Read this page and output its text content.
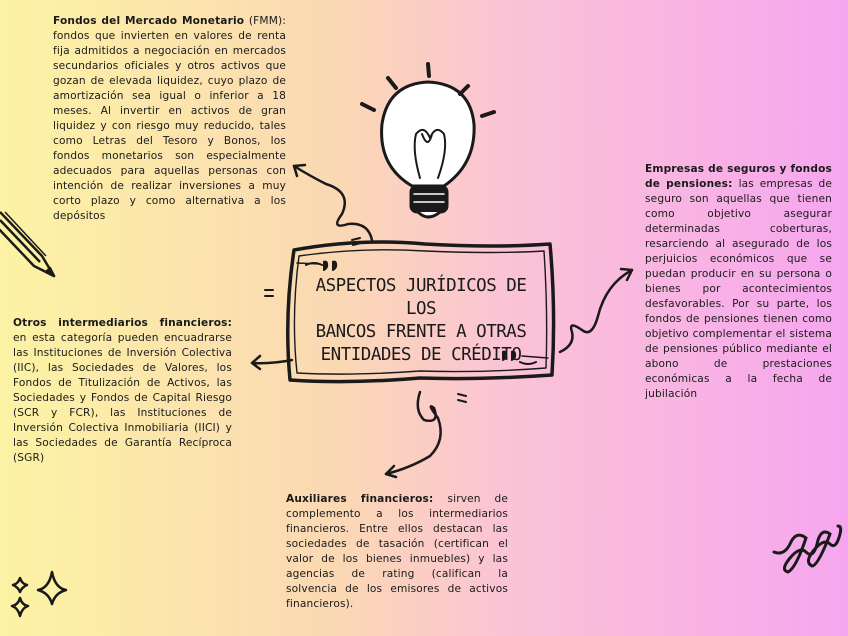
ASPECTOS JURÍDICOS DE LOS
BANCOS FRENTE A OTRAS
ENTIDADES DE CRÉDITO
Fondos del Mercado Monetario (FMM): fondos que invierten en valores de renta fija admitidos a negociación en mercados secundarios oficiales y otros activos que gozan de elevada liquidez, cuyo plazo de amortización sea igual o inferior a 18 meses. Al invertir en activos de gran liquidez y con riesgo muy reducido, tales como Letras del Tesoro y Bonos, los fondos monetarios son especialmente adecuados para aquellas personas con intención de realizar inversiones a muy corto plazo y como alternativa a los depósitos
Otros intermediarios financieros: en esta categoría pueden encuadrarse las Instituciones de Inversión Colectiva (IIC), las Sociedades de Valores, los Fondos de Titulización de Activos, las Sociedades y Fondos de Capital Riesgo (SCR y FCR), las Instituciones de Inversión Colectiva Inmobiliaria (IICI) y las Sociedades de Garantía Recíproca (SGR)
Empresas de seguros y fondos de pensiones: las empresas de seguro son aquellas que tienen como objetivo asegurar determinadas coberturas, resarciendo al asegurado de los perjuicios económicos que se puedan producir en su persona o bienes por acontecimientos desfavorables. Por su parte, los fondos de pensiones tienen como objetivo complementar el sistema de pensiones público mediante el abono de prestaciones económicas a la fecha de jubilación
Auxiliares financieros: sirven de complemento a los intermediarios financieros. Entre ellos destacan las sociedades de tasación (certifican el valor de los bienes inmuebles) y las agencias de rating (califican la solvencia de los emisores de activos financieros).
